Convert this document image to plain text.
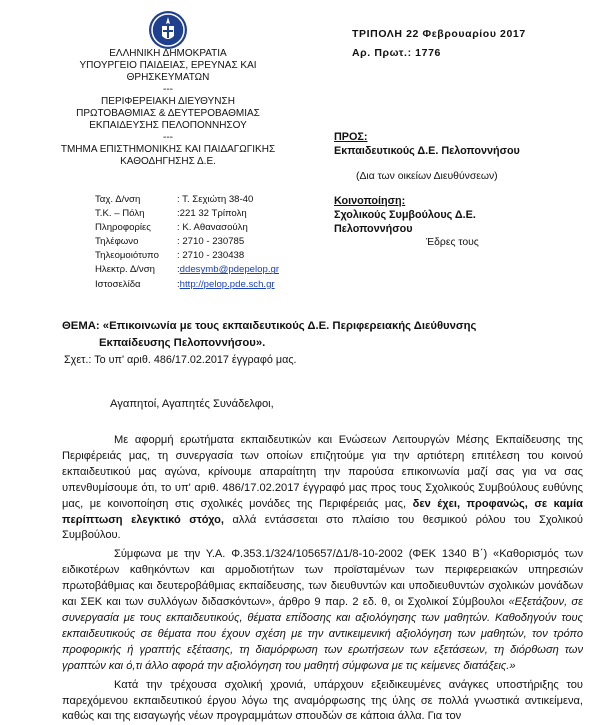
ΤΡΙΠΟΛΗ 22 Φεβρουαρίου 2017
Αρ. Πρωτ.: 1776
ΕΛΛΗΝΙΚΗ ΔΗΜΟΚΡΑΤΙΑ
ΥΠΟΥΡΓΕΙΟ ΠΑΙΔΕΙΑΣ, ΕΡΕΥΝΑΣ ΚΑΙ
ΘΡΗΣΚΕΥΜΑΤΩΝ
---
ΠΕΡΙΦΕΡΕΙΑΚΗ ΔΙΕΥΘΥΝΣΗ
ΠΡΩΤΟΒΑΘΜΙΑΣ & ΔΕΥΤΕΡΟΒΑΘΜΙΑΣ
ΕΚΠΑΙΔΕΥΣΗΣ ΠΕΛΟΠΟΝΝΗΣΟΥ
---
ΤΜΗΜΑ ΕΠΙΣΤΗΜΟΝΙΚΗΣ ΚΑΙ ΠΑΙΔΑΓΩΓΙΚΗΣ
ΚΑΘΟΔΗΓΗΣΗΣ Δ.Ε.
Ταχ. Δ/νση	: Τ. Σεχιώτη 38-40
Τ.Κ. – Πόλη	:221 32 Τρίπολη
Πληροφορίες	: Κ. Αθανασούλη
Τηλέφωνο	: 2710 - 230785
Τηλεομοιότυπο	: 2710 - 230438
Ηλεκτρ. Δ/νση	: ddesymb@pdepelop.gr
Ιστοσελίδα	: http://pelop.pde.sch.gr
ΠΡΟΣ:
Εκπαιδευτικούς Δ.Ε. Πελοποννήσου
(Δια των οικείων Διευθύνσεων)
Κοινοποίηση:
Σχολικούς Συμβούλους Δ.Ε.
Πελοποννήσου
Έδρες τους
ΘΕΜΑ: «Επικοινωνία με τους εκπαιδευτικούς Δ.Ε. Περιφερειακής Διεύθυνσης
Εκπαίδευσης Πελοποννήσου».
Σχετ.: Το υπ' αριθ. 486/17.02.2017 έγγραφό μας.
Αγαπητοί, Αγαπητές Συνάδελφοι,

Με αφορμή ερωτήματα εκπαιδευτικών και Ενώσεων Λειτουργών Μέσης Εκπαίδευσης της Περιφέρειάς μας, τη συνεργασία των οποίων επιζητούμε για την αρτιότερη επιτέλεση του κοινού εκπαιδευτικού μας αγώνα, κρίνουμε απαραίτητη την παρούσα επικοινωνία μαζί σας για να σας υπενθυμίσουμε ότι, το υπ' αριθ. 486/17.02.2017 έγγραφό μας προς τους Σχολικούς Συμβούλους ευθύνης μας, με κοινοποίηση στις σχολικές μονάδες της Περιφέρειάς μας, δεν έχει, προφανώς, σε καμία περίπτωση ελεγκτικό στόχο, αλλά εντάσσεται στο πλαίσιο του θεσμικού ρόλου του Σχολικού Συμβούλου.

Σύμφωνα με την Υ.Α. Φ.353.1/324/105657/Δ1/8-10-2002 (ΦΕΚ 1340 Β΄) «Καθορισμός των ειδικοτέρων καθηκόντων και αρμοδιοτήτων των προϊσταμένων των περιφερειακών υπηρεσιών πρωτοβάθμιας και δευτεροβάθμιας εκπαίδευσης, των διευθυντών και υποδιευθυντών σχολικών μονάδων και ΣΕΚ και των συλλόγων διδασκόντων», άρθρο 9 παρ. 2 εδ. θ, οι Σχολικοί Σύμβουλοι «Εξετάζουν, σε συνεργασία με τους εκπαιδευτικούς, θέματα επίδοσης και αξιολόγησης των μαθητών. Καθοδηγούν τους εκπαιδευτικούς σε θέματα που έχουν σχέση με την αντικειμενική αξιολόγηση των μαθητών, τον τρόπο προφορικής ή γραπτής εξέτασης, τη διαμόρφωση των ερωτήσεων των εξετάσεων, τη διόρθωση των γραπτών και ό,τι άλλο αφορά την αξιολόγηση του μαθητή σύμφωνα με τις κείμενες διατάξεις.»

Κατά την τρέχουσα σχολική χρονιά, υπάρχουν εξειδικευμένες ανάγκες υποστήριξης του παρεχόμενου εκπαιδευτικού έργου λόγω της αναμόρφωσης της ύλης σε πολλά γνωστικά αντικείμενα, καθώς και της εισαγωγής νέων προγραμμάτων σπουδών σε κάποια άλλα. Για τον
